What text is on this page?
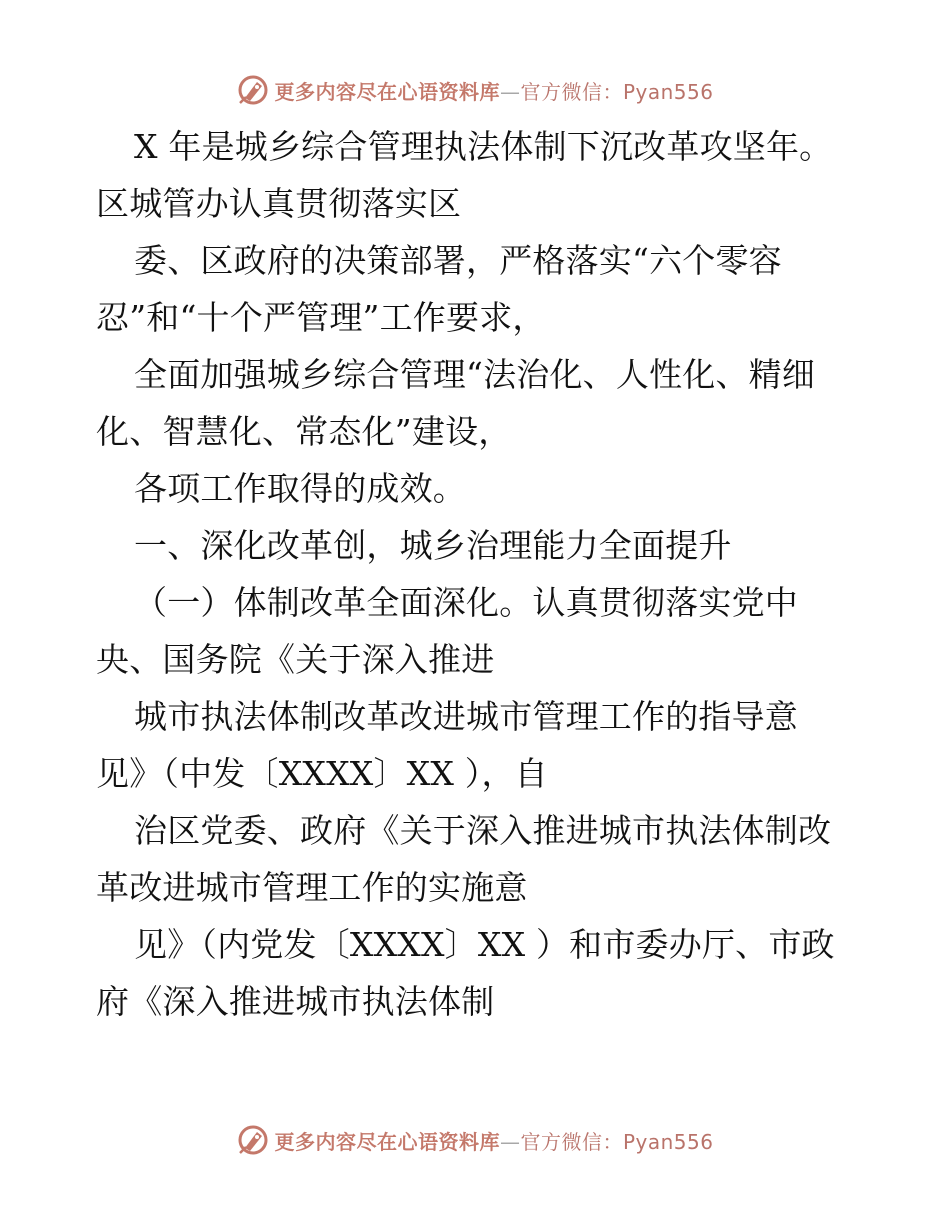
更多内容尽在心语资料库—官方微信：Pyan556
X 年是城乡综合管理执法体制下沉改革攻坚年。
区城管办认真贯彻落实区
委、区政府的决策部署，严格落实“六个零容
忍”和“十个严管理”工作要求，
全面加强城乡综合管理“法治化、人性化、精细
化、智慧化、常态化”建设，
各项工作取得的成效。
一、深化改革创，城乡治理能力全面提升
（一）体制改革全面深化。认真贯彻落实党中
央、国务院《关于深入推进
城市执法体制改革改进城市管理工作的指导意
见》（中发〔XXXX〕XX ），自
治区党委、政府《关于深入推进城市执法体制改
革改进城市管理工作的实施意
见》（内党发〔XXXX〕XX ）和市委办厅、市政
府《深入推进城市执法体制
更多内容尽在心语资料库—官方微信：Pyan556
